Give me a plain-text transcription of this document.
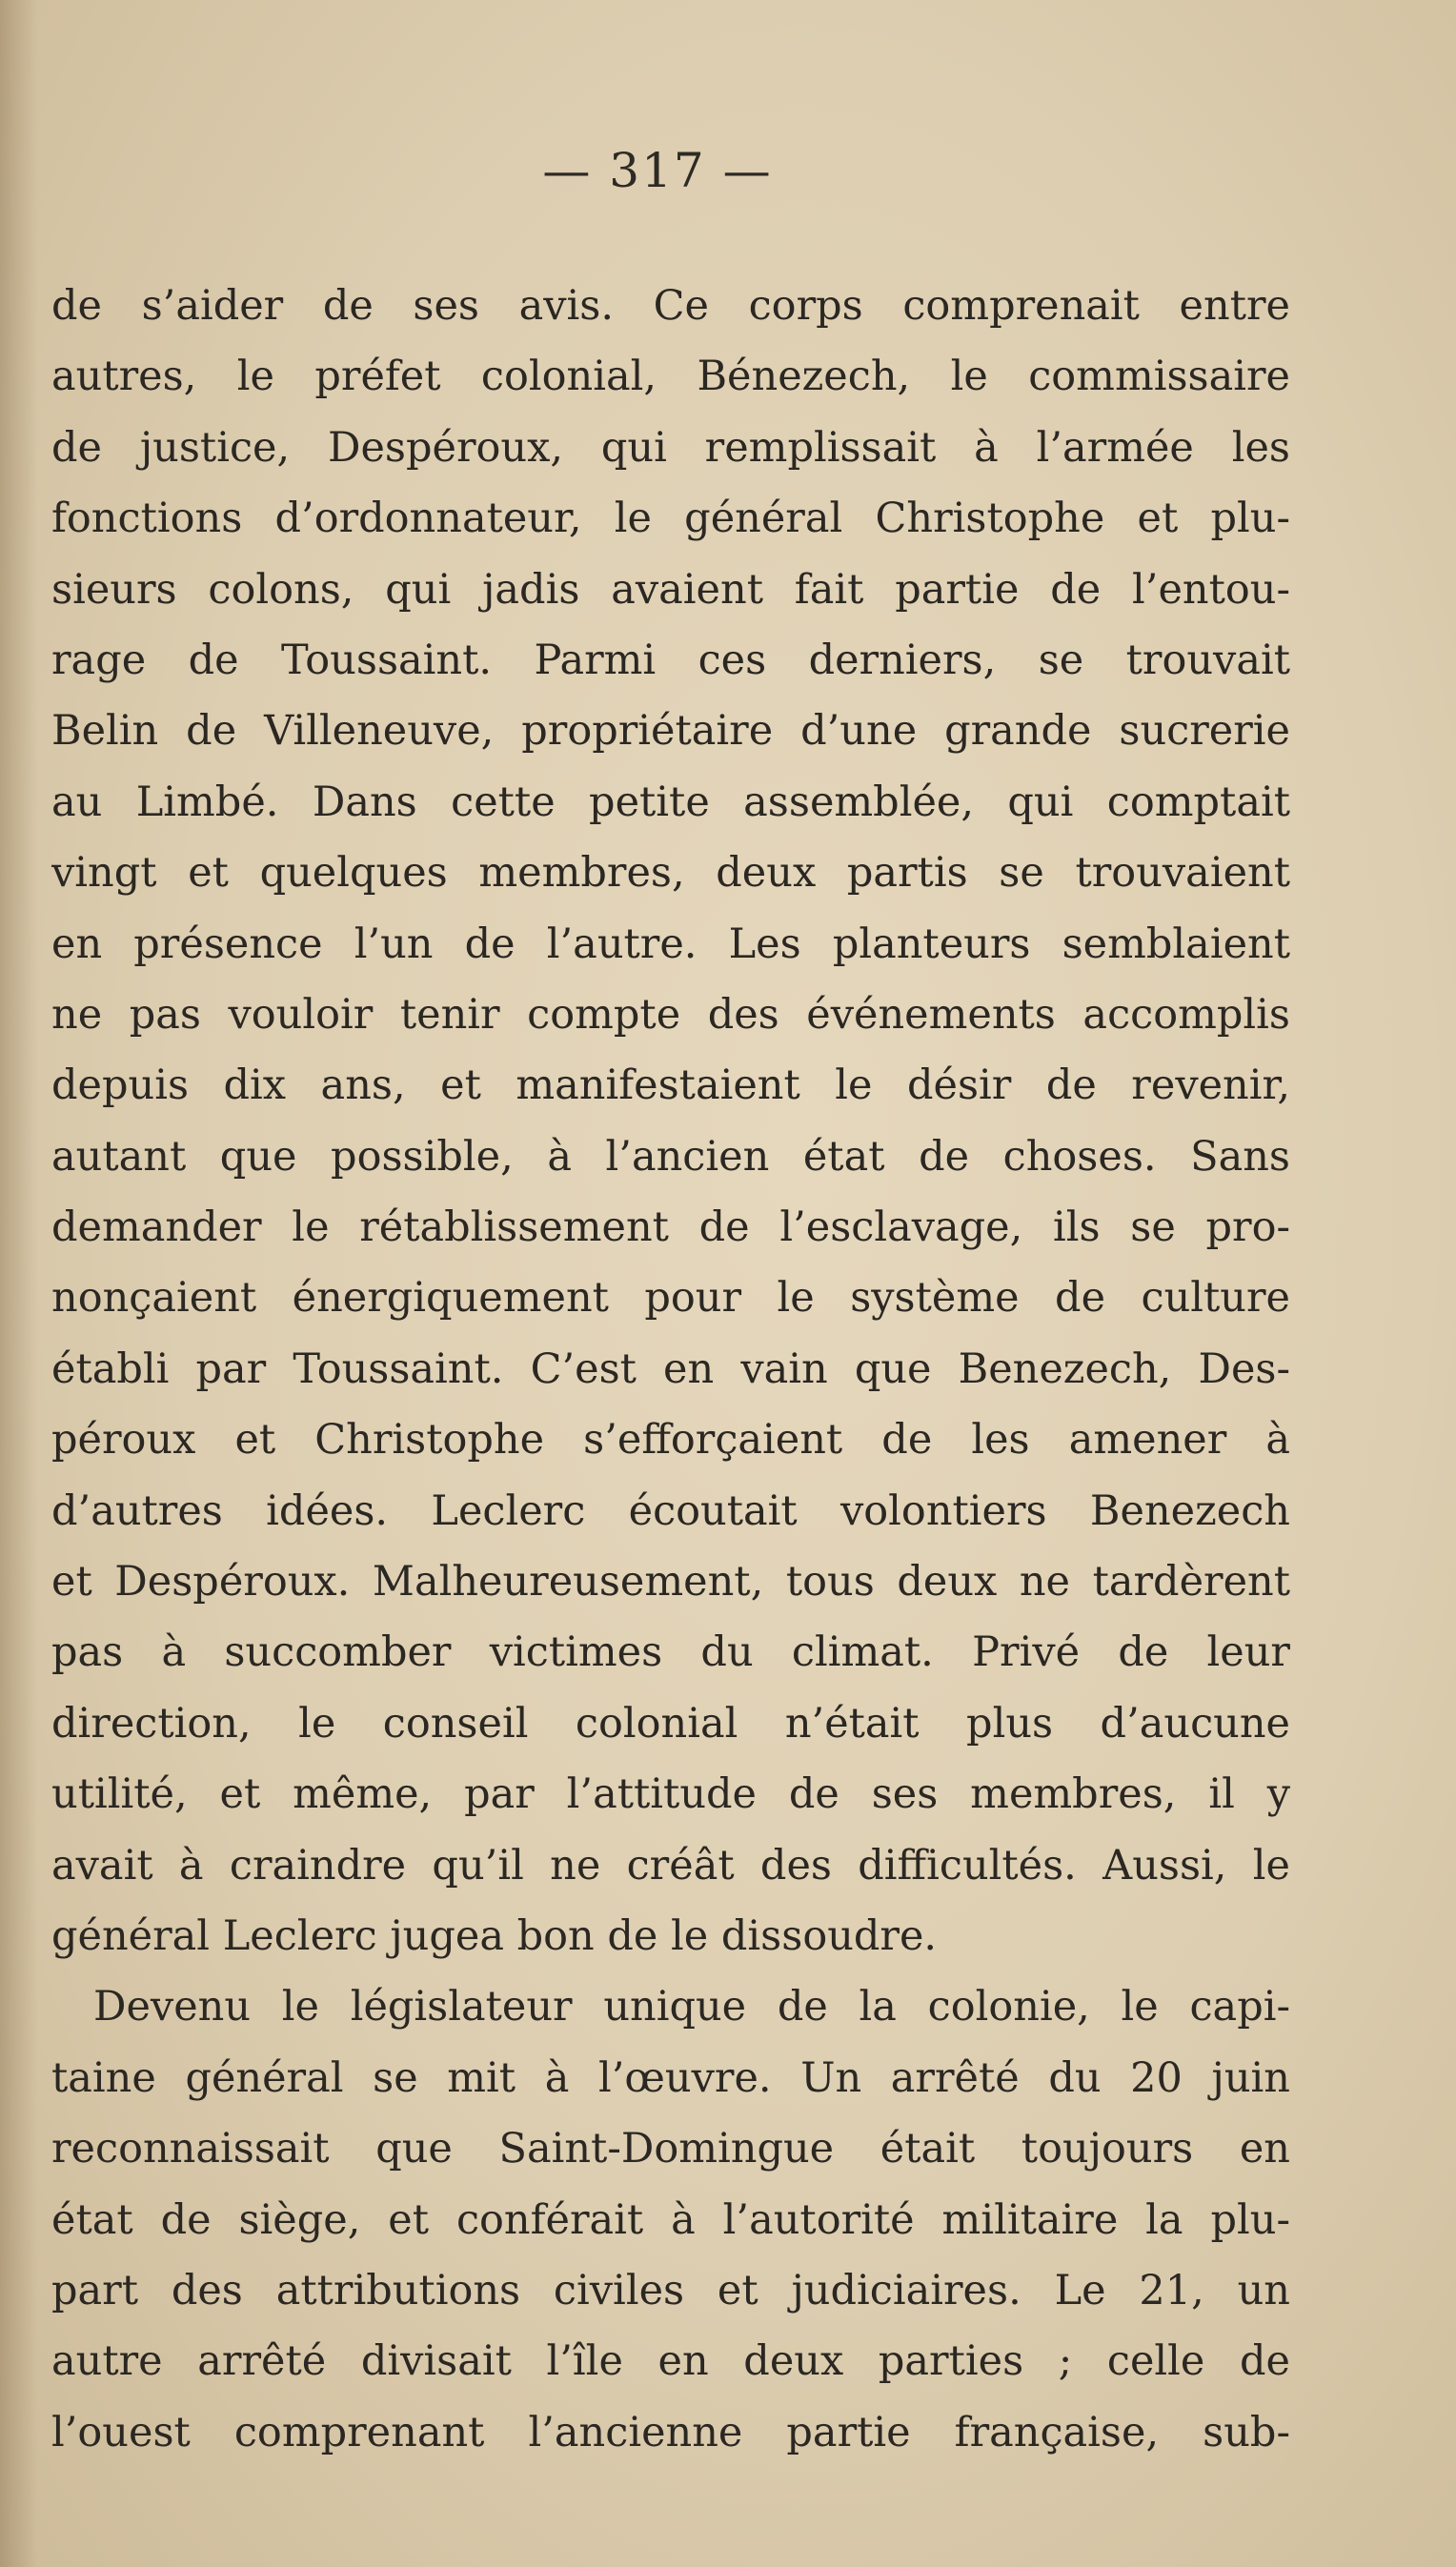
— 317 —
de s’aider de ses avis. Ce corps comprenait entre
autres, le préfet colonial, Bénezech, le commissaire
de justice, Despéroux, qui remplissait à l’armée les
fonctions d’ordonnateur, le général Christophe et plu-
sieurs colons, qui jadis avaient fait partie de l’entou-
rage de Toussaint. Parmi ces derniers, se trouvait
Belin de Villeneuve, propriétaire d’une grande sucrerie
au Limbé. Dans cette petite assemblée, qui comptait
vingt et quelques membres, deux partis se trouvaient
en présence l’un de l’autre. Les planteurs semblaient
ne pas vouloir tenir compte des événements accomplis
depuis dix ans, et manifestaient le désir de revenir,
autant que possible, à l’ancien état de choses. Sans
demander le rétablissement de l’esclavage, ils se pro-
nonçaient énergiquement pour le système de culture
établi par Toussaint. C’est en vain que Benezech, Des-
péroux et Christophe s’efforçaient de les amener à
d’autres idées. Leclerc écoutait volontiers Benezech
et Despéroux. Malheureusement, tous deux ne tardèrent
pas à succomber victimes du climat. Privé de leur
direction, le conseil colonial n’était plus d’aucune
utilité, et même, par l’attitude de ses membres, il y
avait à craindre qu’il ne créât des difficultés. Aussi, le
général Leclerc jugea bon de le dissoudre.
Devenu le législateur unique de la colonie, le capi-
taine général se mit à l’œuvre. Un arrêté du 20 juin
reconnaissait que Saint-Domingue était toujours en
état de siège, et conférait à l’autorité militaire la plu-
part des attributions civiles et judiciaires. Le 21, un
autre arrêté divisait l’île en deux parties ; celle de
l’ouest comprenant l’ancienne partie française, sub-
